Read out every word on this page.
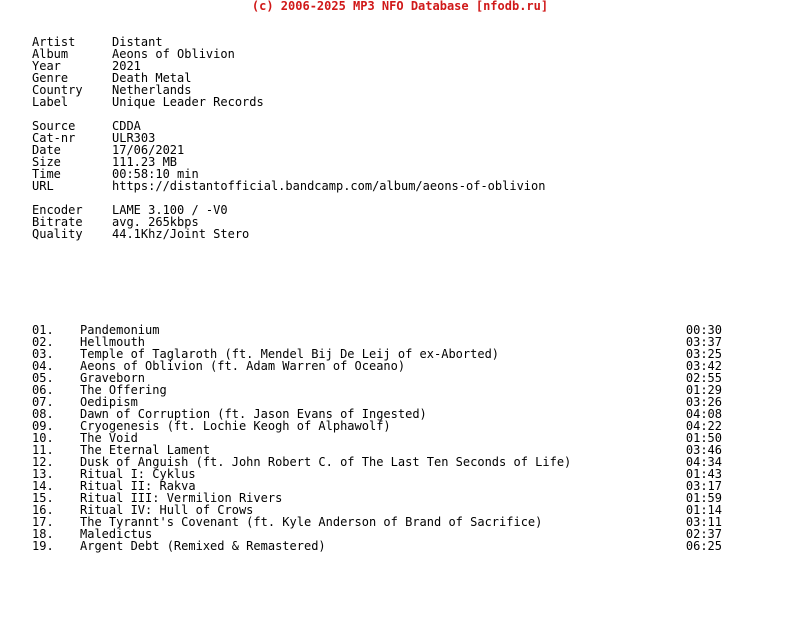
(c) 2006-2025 MP3 NFO Database [nfodb.ru]
Artist	Distant
Album	Aeons of Oblivion
Year	2021
Genre	Death Metal
Country Netherlands
Label	Unique Leader Records
Source	CDDA
Cat-nr	ULR303
Date	17/06/2021
Size	111.23 MB
Time	00:58:10 min
URL	https://distantofficial.bandcamp.com/album/aeons-of-oblivion
Encoder LAME 3.100 / -V0
Bitrate avg. 265kbps
Quality 44.1Khz/Joint Stero
01. Pandemonium	00:30
02. Hellmouth	03:37
03. Temple of Taglaroth (ft. Mendel Bij De Leij of ex-Aborted)	03:25
04. Aeons of Oblivion (ft. Adam Warren of Oceano)	03:42
05. Graveborn	02:55
06. The Offering	01:29
07. Oedipism	03:26
08. Dawn of Corruption (ft. Jason Evans of Ingested)	04:08
09. Cryogenesis (ft. Lochie Keogh of Alphawolf)	04:22
10. The Void	01:50
11. The Eternal Lament	03:46
12. Dusk of Anguish (ft. John Robert C. of The Last Ten Seconds of Life)	04:34
13. Ritual I: Cyklus	01:43
14. Ritual II: Rakva	03:17
15. Ritual III: Vermilion Rivers	01:59
16. Ritual IV: Hull of Crows	01:14
17. The Tyrannt's Covenant (ft. Kyle Anderson of Brand of Sacrifice)	03:11
18. Maledictus	02:37
19. Argent Debt (Remixed & Remastered)	06:25
